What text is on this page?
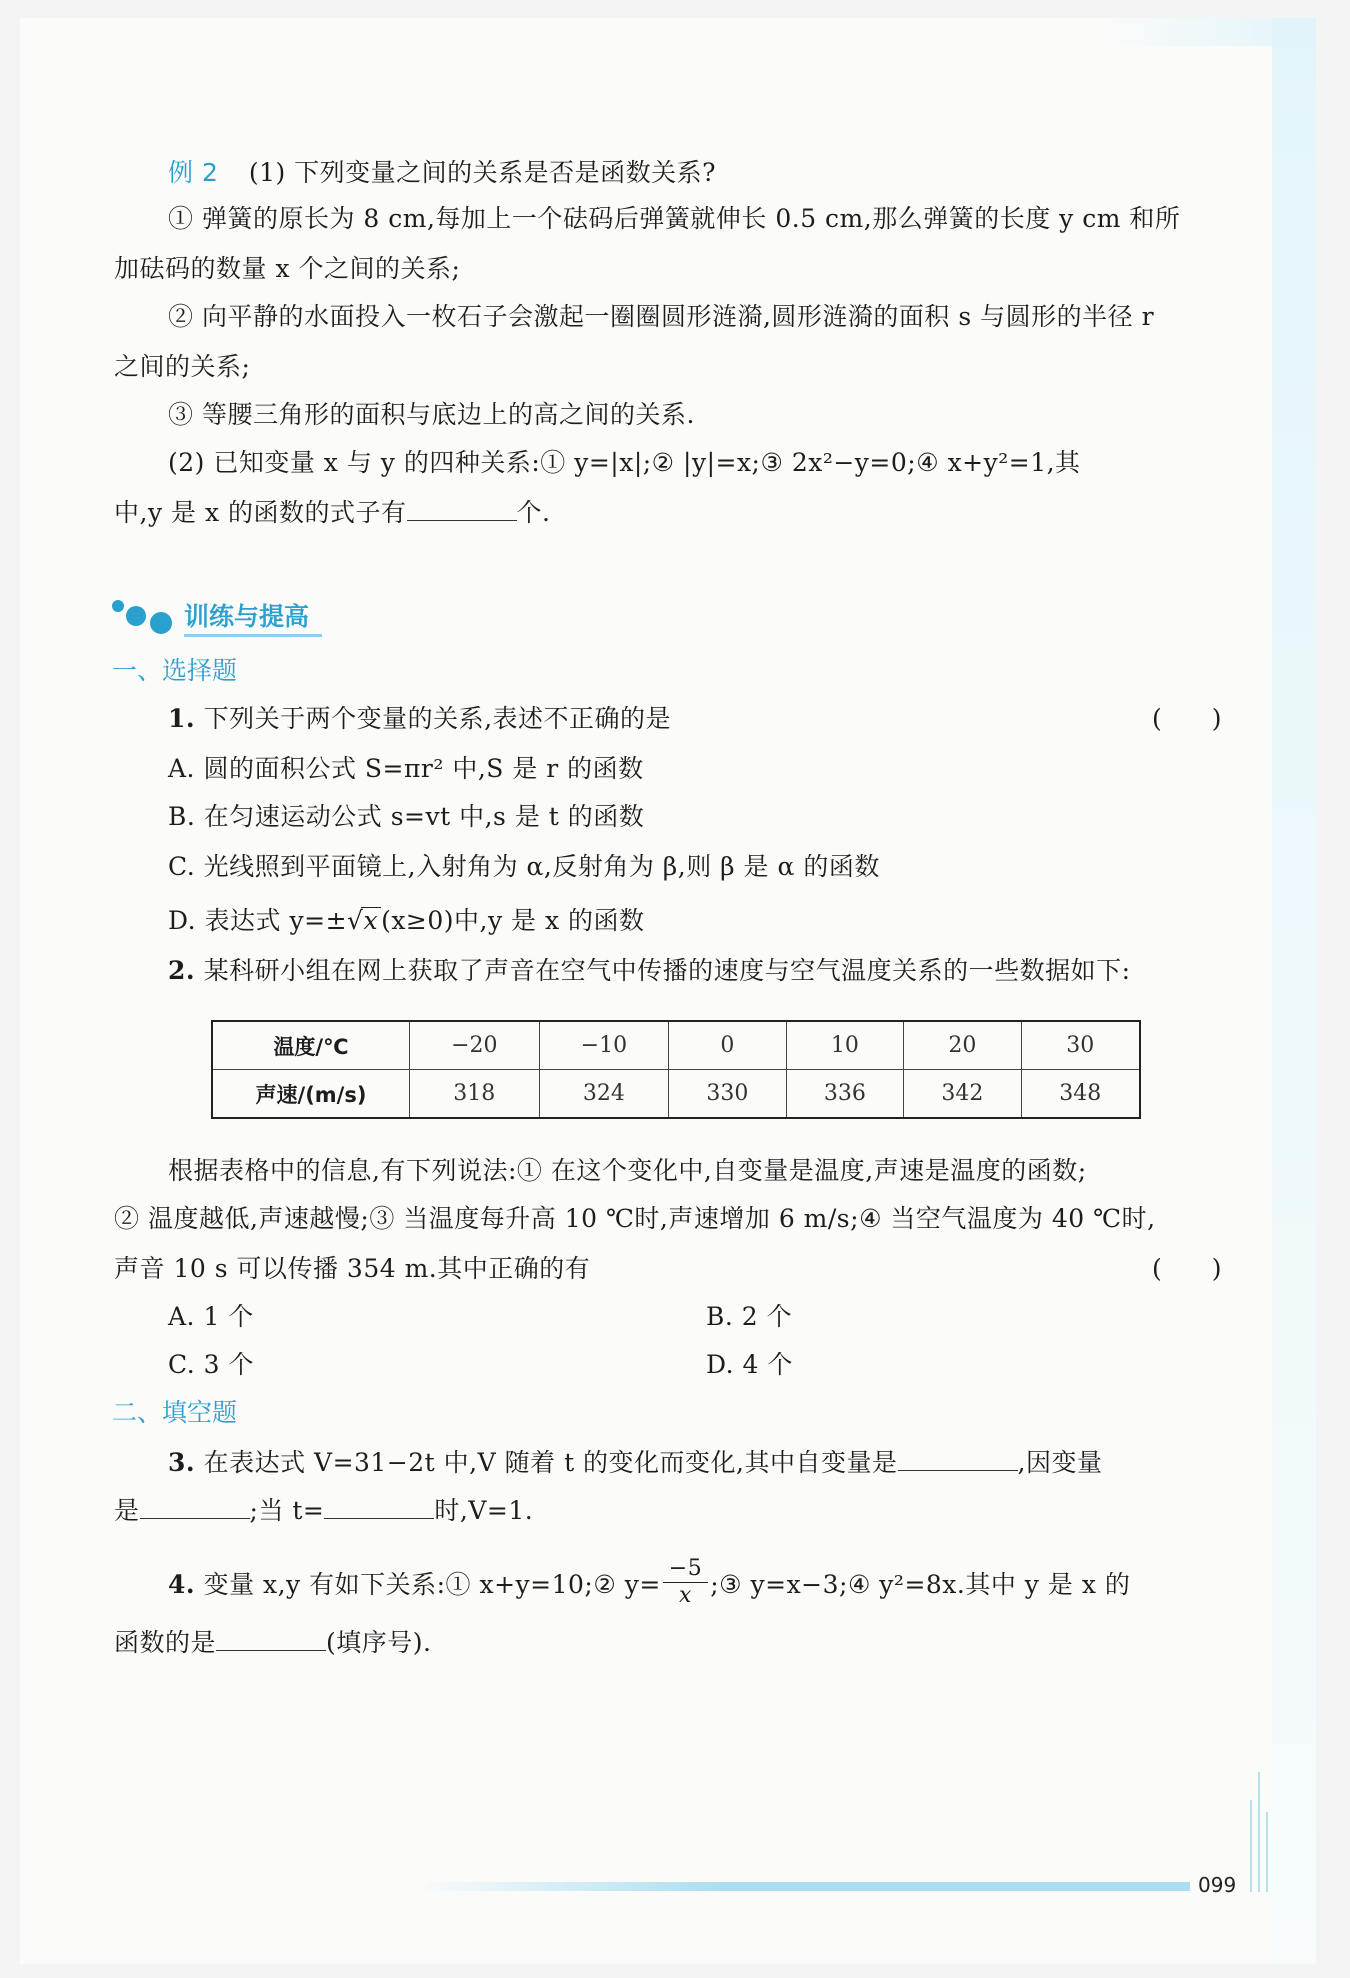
例 2 (1) 下列变量之间的关系是否是函数关系?
① 弹簧的原长为 8 cm,每加上一个砝码后弹簧就伸长 0.5 cm,那么弹簧的长度 y cm 和所
加砝码的数量 x 个之间的关系;
② 向平静的水面投入一枚石子会激起一圈圈圆形涟漪,圆形涟漪的面积 s 与圆形的半径 r
之间的关系;
③ 等腰三角形的面积与底边上的高之间的关系.
(2) 已知变量 x 与 y 的四种关系:① y=|x|;② |y|=x;③ 2x²−y=0;④ x+y²=1,其
中,y 是 x 的函数的式子有	个.
训练与提高
一、选择题
1. 下列关于两个变量的关系,表述不正确的是	(　　)
A. 圆的面积公式 S=πr² 中,S 是 r 的函数
B. 在匀速运动公式 s=vt 中,s 是 t 的函数
C. 光线照到平面镜上,入射角为 α,反射角为 β,则 β 是 α 的函数
D. 表达式 y=±√x (x≥0)中,y 是 x 的函数
2. 某科研小组在网上获取了声音在空气中传播的速度与空气温度关系的一些数据如下:
温度/℃	−20	−10	0	10	20	30
声速/(m/s)	318	324	330	336	342	348
根据表格中的信息,有下列说法:① 在这个变化中,自变量是温度,声速是温度的函数;
② 温度越低,声速越慢;③ 当温度每升高 10 ℃时,声速增加 6 m/s;④ 当空气温度为 40 ℃时,
声音 10 s 可以传播 354 m.其中正确的有	(　　)
A. 1 个	B. 2 个
C. 3 个	D. 4 个
二、填空题
3. 在表达式 V=31−2t 中,V 随着 t 的变化而变化,其中自变量是	,因变量
是	;当 t=	时,V=1.
4. 变量 x,y 有如下关系:① x+y=10;② $y= \frac{-5}{x}$ ;③ y=x−3;④ y²=8x.其中 y 是 x 的
函数的是	(填序号).
099
